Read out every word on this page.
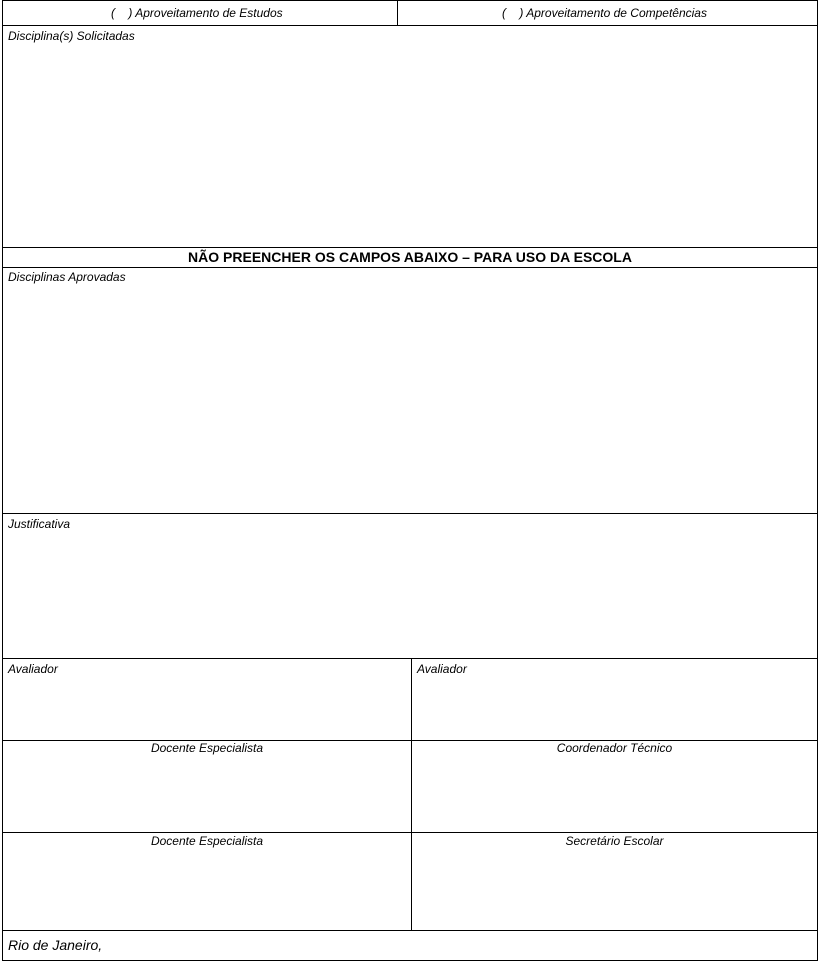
(    ) Aproveitamento de Estudos	(    ) Aproveitamento de Competências
Disciplina(s) Solicitadas
NÃO PREENCHER OS CAMPOS ABAIXO – PARA USO DA ESCOLA
Disciplinas Aprovadas
Justificativa
Avaliador	Avaliador
Docente Especialista	Coordenador Técnico
Docente Especialista	Secretário Escolar
Rio de Janeiro,
